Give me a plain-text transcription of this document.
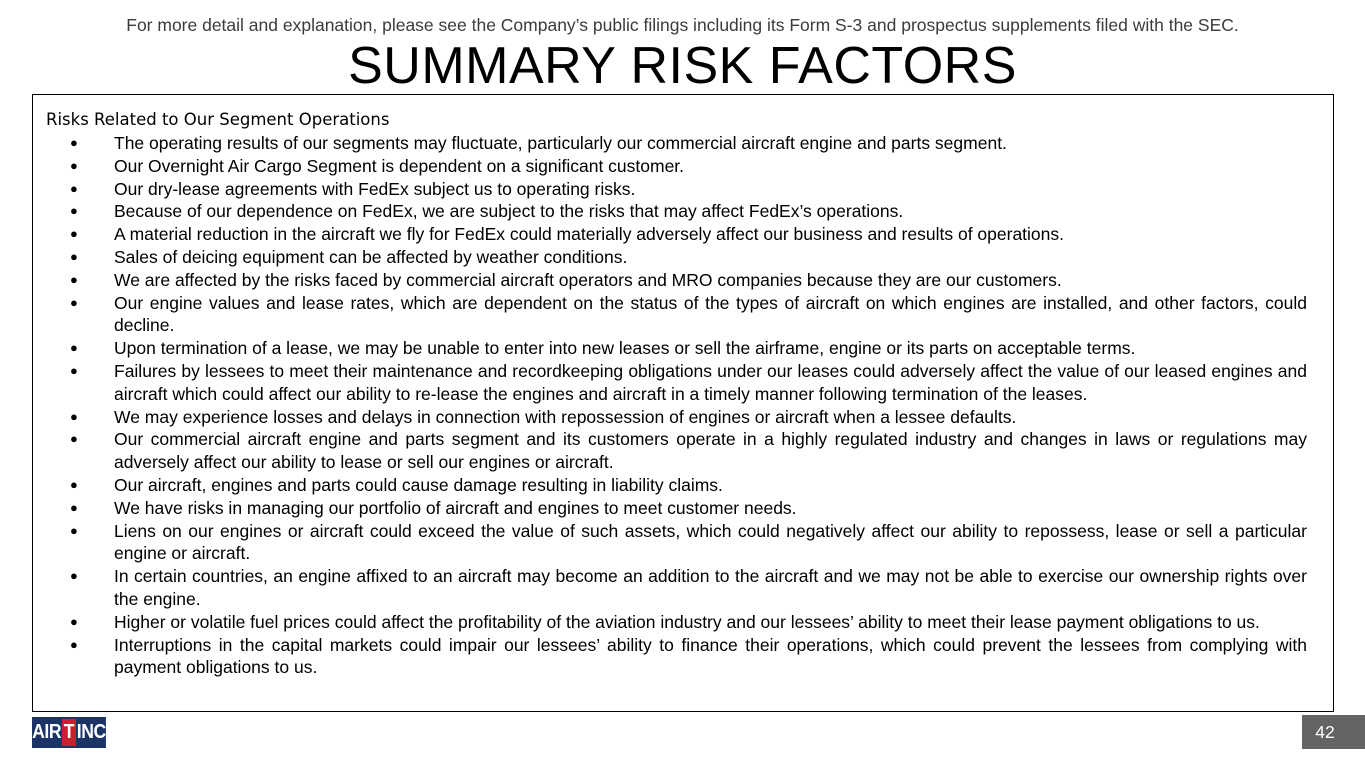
For more detail and explanation, please see the Company’s public filings including its Form S-3 and prospectus supplements filed with the SEC.
SUMMARY RISK FACTORS
Risks Related to Our Segment Operations
● The operating results of our segments may fluctuate, particularly our commercial aircraft engine and parts segment.
● Our Overnight Air Cargo Segment is dependent on a significant customer.
● Our dry-lease agreements with FedEx subject us to operating risks.
● Because of our dependence on FedEx, we are subject to the risks that may affect FedEx’s operations.
● A material reduction in the aircraft we fly for FedEx could materially adversely affect our business and results of operations.
● Sales of deicing equipment can be affected by weather conditions.
● We are affected by the risks faced by commercial aircraft operators and MRO companies because they are our customers.
● Our engine values and lease rates, which are dependent on the status of the types of aircraft on which engines are installed, and other factors, could decline.
● Upon termination of a lease, we may be unable to enter into new leases or sell the airframe, engine or its parts on acceptable terms.
● Failures by lessees to meet their maintenance and recordkeeping obligations under our leases could adversely affect the value of our leased engines and aircraft which could affect our ability to re-lease the engines and aircraft in a timely manner following termination of the leases.
● We may experience losses and delays in connection with repossession of engines or aircraft when a lessee defaults.
● Our commercial aircraft engine and parts segment and its customers operate in a highly regulated industry and changes in laws or regulations may adversely affect our ability to lease or sell our engines or aircraft.
● Our aircraft, engines and parts could cause damage resulting in liability claims.
● We have risks in managing our portfolio of aircraft and engines to meet customer needs.
● Liens on our engines or aircraft could exceed the value of such assets, which could negatively affect our ability to repossess, lease or sell a particular engine or aircraft.
● In certain countries, an engine affixed to an aircraft may become an addition to the aircraft and we may not be able to exercise our ownership rights over the engine.
● Higher or volatile fuel prices could affect the profitability of the aviation industry and our lessees’ ability to meet their lease payment obligations to us.
● Interruptions in the capital markets could impair our lessees’ ability to finance their operations, which could prevent the lessees from complying with payment obligations to us.
AIR T INC	42
